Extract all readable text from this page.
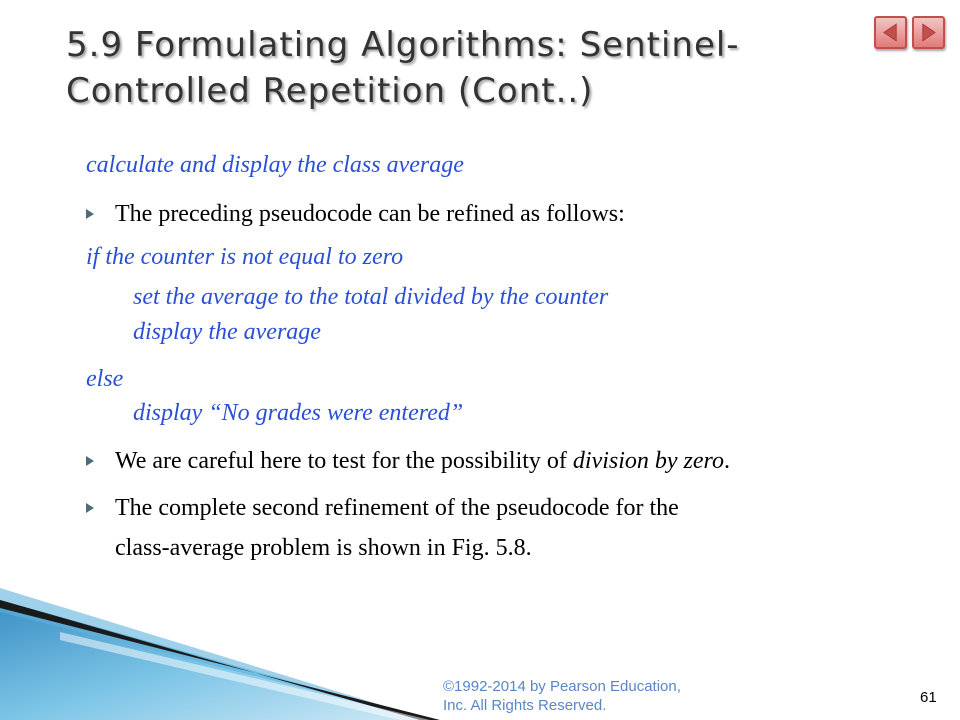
5.9 Formulating Algorithms: Sentinel-
Controlled Repetition (Cont..)

calculate and display the class average

The preceding pseudocode can be refined as follows:

if the counter is not equal to zero

set the average to the total divided by the counter

display the average

else

display “No grades were entered”

We are careful here to test for the possibility of division by zero.

The complete second refinement of the pseudocode for the

class-average problem is shown in Fig. 5.8.

©1992-2014 by Pearson Education,
Inc. All Rights Reserved.	61
